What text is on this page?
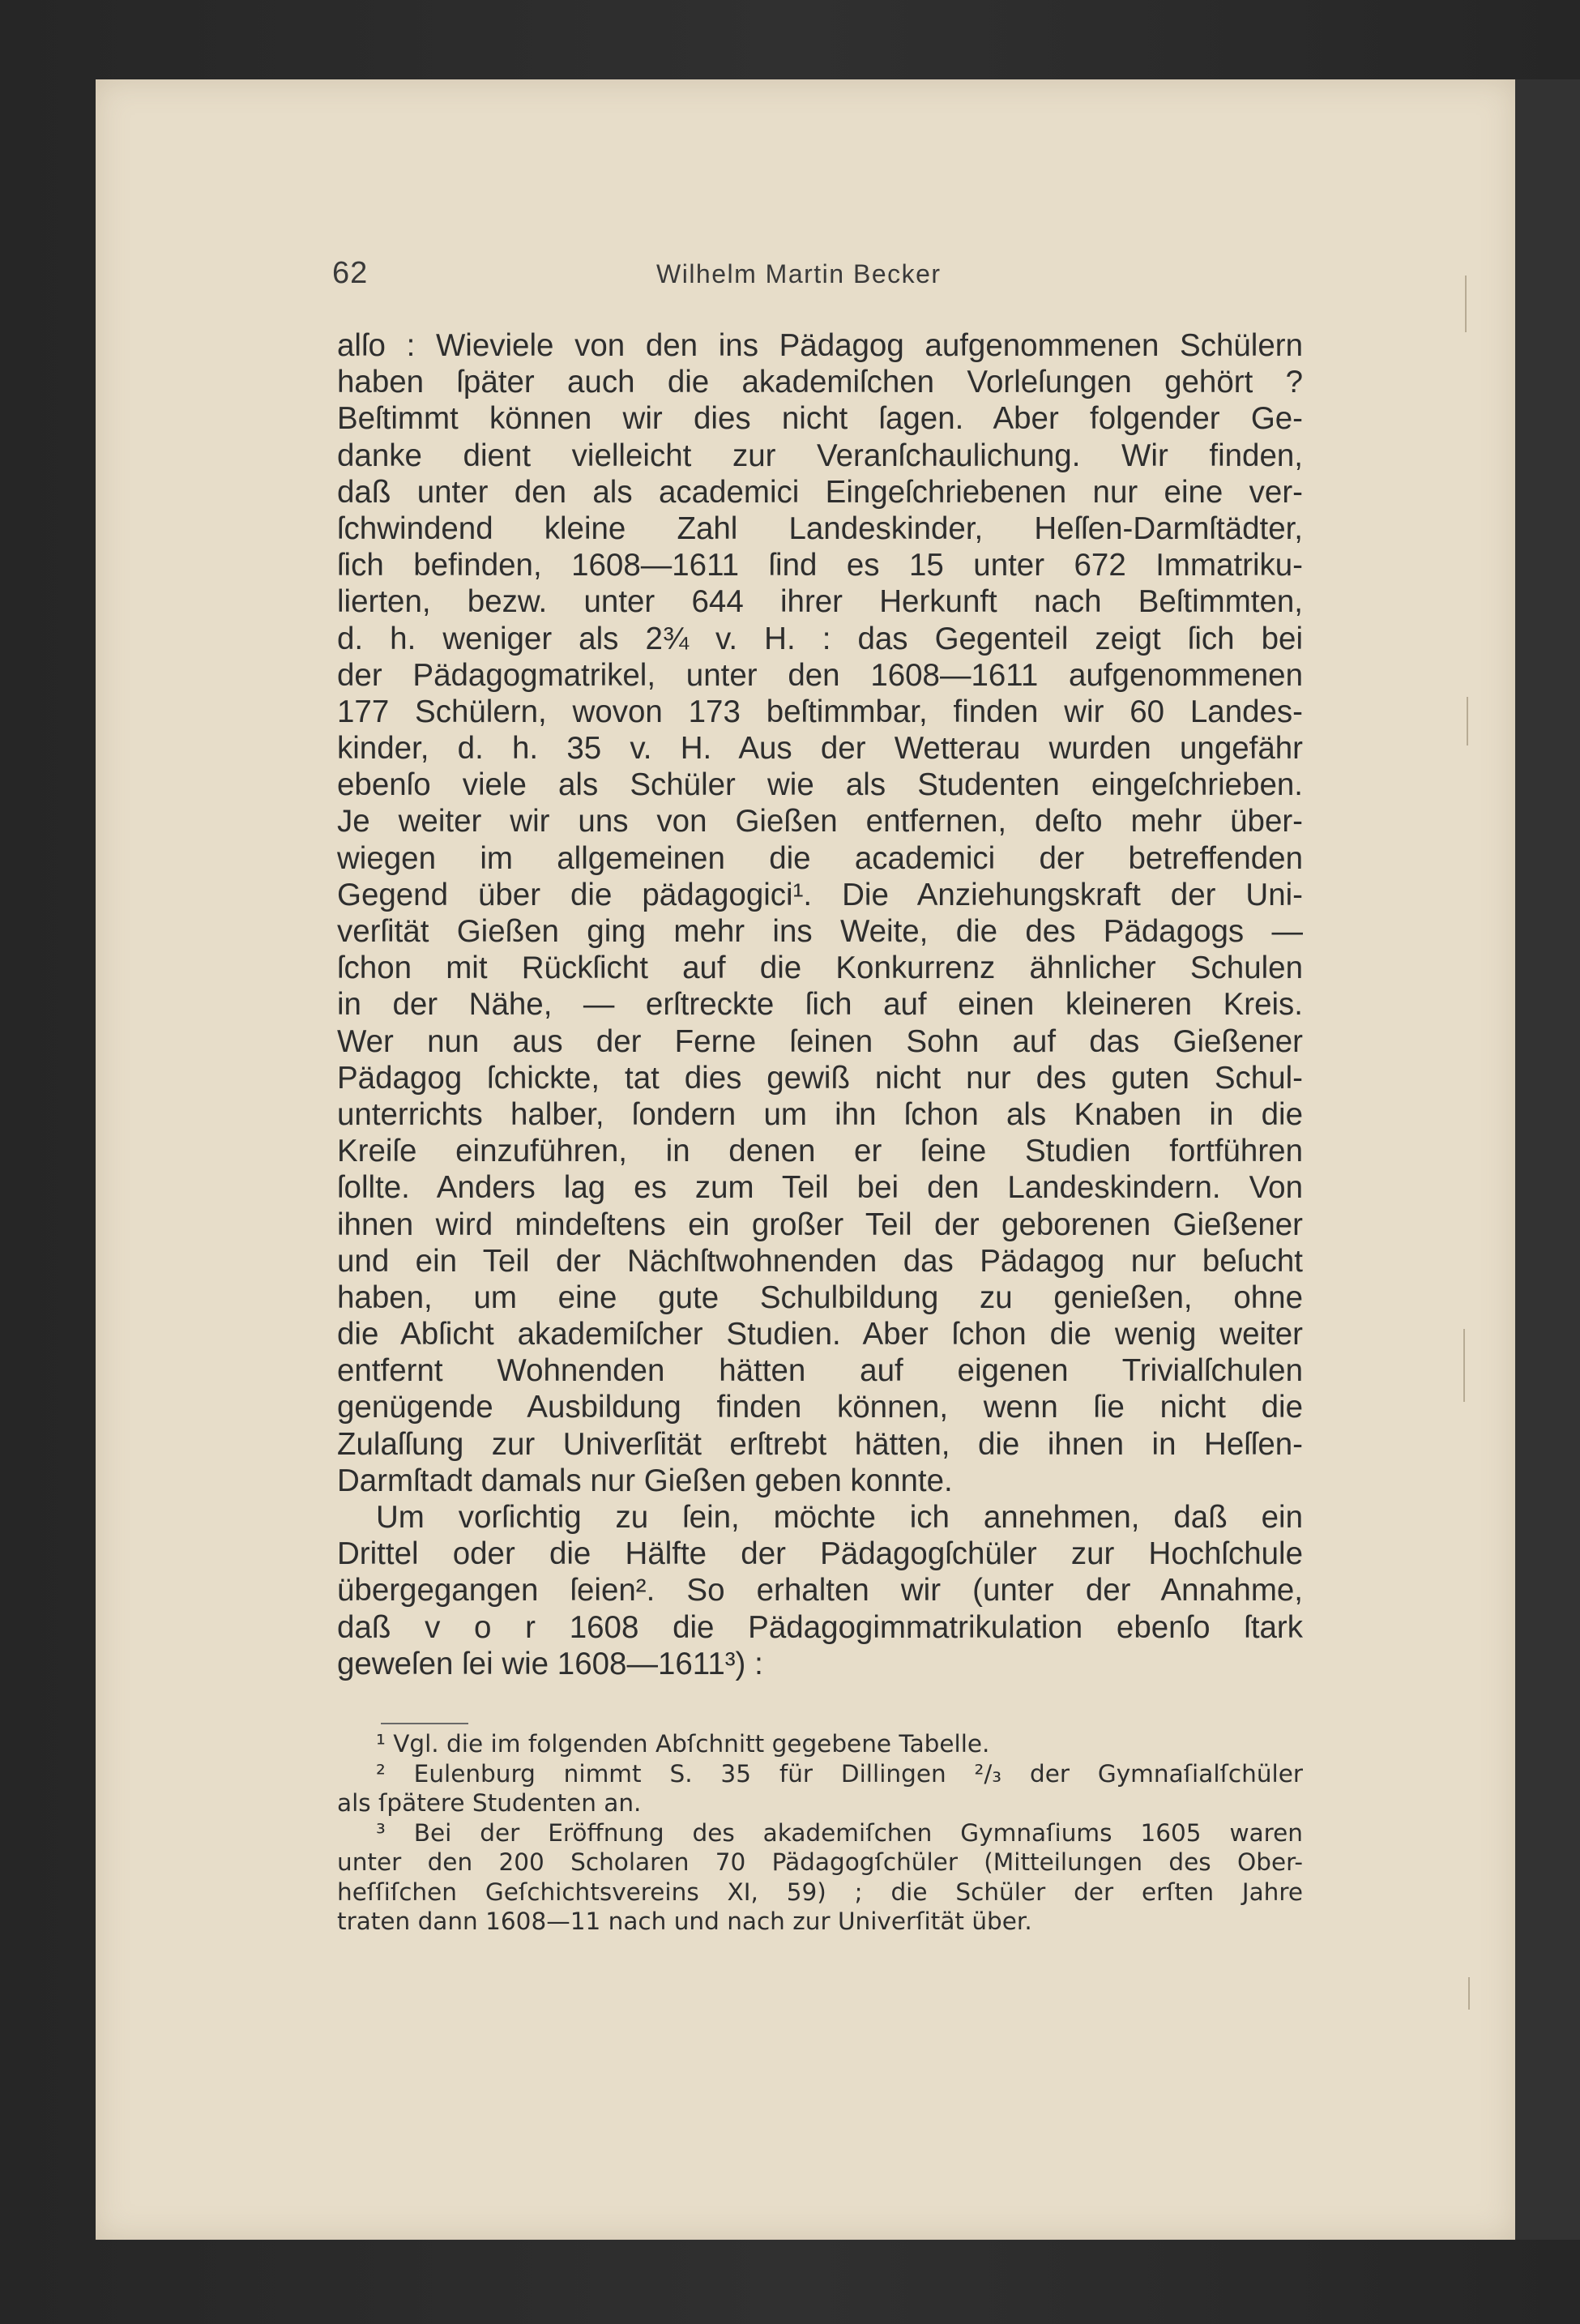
62	Wilhelm Martin Becker
alſo : Wieviele von den ins Pädagog aufgenommenen Schülern
haben ſpäter auch die akademiſchen Vorleſungen gehört ?
Beſtimmt können wir dies nicht ſagen. Aber folgender Ge-
danke dient vielleicht zur Veranſchaulichung. Wir finden,
daß unter den als academici Eingeſchriebenen nur eine ver-
ſchwindend kleine Zahl Landeskinder, Heſſen-Darmſtädter,
ſich befinden, 1608—1611 ſind es 15 unter 672 Immatriku-
lierten, bezw. unter 644 ihrer Herkunft nach Beſtimmten,
d. h. weniger als 2¾ v. H. : das Gegenteil zeigt ſich bei
der Pädagogmatrikel, unter den 1608—1611 aufgenommenen
177 Schülern, wovon 173 beſtimmbar, finden wir 60 Landes-
kinder, d. h. 35 v. H. Aus der Wetterau wurden ungefähr
ebenſo viele als Schüler wie als Studenten eingeſchrieben.
Je weiter wir uns von Gießen entfernen, deſto mehr über-
wiegen im allgemeinen die academici der betreffenden
Gegend über die pädagogici¹. Die Anziehungskraft der Uni-
verſität Gießen ging mehr ins Weite, die des Pädagogs —
ſchon mit Rückſicht auf die Konkurrenz ähnlicher Schulen
in der Nähe, — erſtreckte ſich auf einen kleineren Kreis.
Wer nun aus der Ferne ſeinen Sohn auf das Gießener
Pädagog ſchickte, tat dies gewiß nicht nur des guten Schul-
unterrichts halber, ſondern um ihn ſchon als Knaben in die
Kreiſe einzuführen, in denen er ſeine Studien fortführen
ſollte. Anders lag es zum Teil bei den Landeskindern. Von
ihnen wird mindeſtens ein großer Teil der geborenen Gießener
und ein Teil der Nächſtwohnenden das Pädagog nur beſucht
haben, um eine gute Schulbildung zu genießen, ohne
die Abſicht akademiſcher Studien. Aber ſchon die wenig weiter
entfernt Wohnenden hätten auf eigenen Trivialſchulen
genügende Ausbildung finden können, wenn ſie nicht die
Zulaſſung zur Univerſität erſtrebt hätten, die ihnen in Heſſen-
Darmſtadt damals nur Gießen geben konnte.
Um vorſichtig zu ſein, möchte ich annehmen, daß ein
Drittel oder die Hälfte der Pädagogſchüler zur Hochſchule
übergegangen ſeien². So erhalten wir (unter der Annahme,
daß v o r 1608 die Pädagogimmatrikulation ebenſo ſtark
geweſen ſei wie 1608—1611³) :
¹ Vgl. die im folgenden Abſchnitt gegebene Tabelle.
² Eulenburg nimmt S. 35 für Dillingen ²/₃ der Gymnaſialſchüler
als ſpätere Studenten an.
³ Bei der Eröffnung des akademiſchen Gymnaſiums 1605 waren
unter den 200 Scholaren 70 Pädagogſchüler (Mitteilungen des Ober-
heſſiſchen Geſchichtsvereins XI, 59) ; die Schüler der erſten Jahre
traten dann 1608—11 nach und nach zur Univerſität über.
